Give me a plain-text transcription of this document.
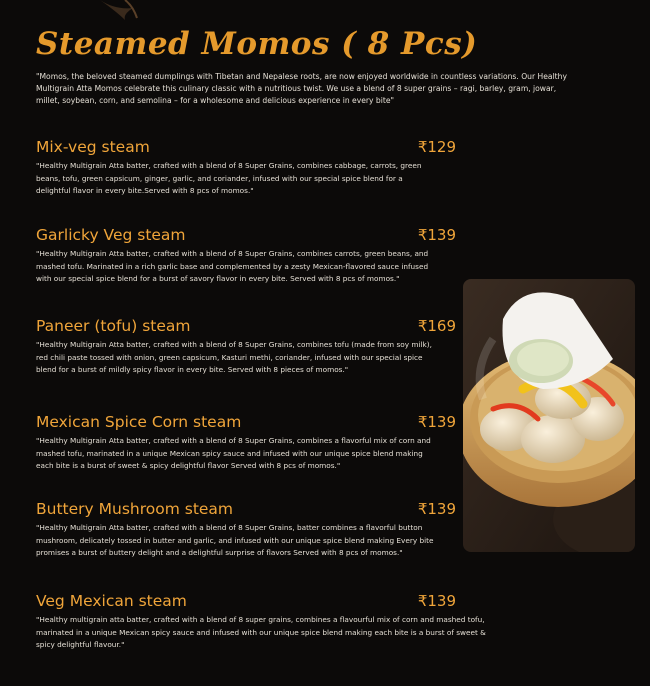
Steamed Momos ( 8 Pcs)

"Momos, the beloved steamed dumplings with Tibetan and Nepalese roots, are now enjoyed worldwide in countless variations. Our Healthy Multigrain Atta Momos celebrate this culinary classic with a nutritious twist. We use a blend of 8 super grains – ragi, barley, gram, jowar, millet, soybean, corn, and semolina – for a wholesome and delicious experience in every bite"

Mix-veg steam	₹129

"Healthy Multigrain Atta batter, crafted with a blend of 8 Super Grains, combines cabbage, carrots, green beans, tofu, green capsicum, ginger, garlic, and coriander, infused with our special spice blend for a delightful flavor in every bite.Served with 8 pcs of momos."

Garlicky Veg steam	₹139

"Healthy Multigrain Atta batter, crafted with a blend of 8 Super Grains, combines carrots, green beans, and mashed tofu. Marinated in a rich garlic base and complemented by a zesty Mexican-flavored sauce infused with our special spice blend for a burst of savory flavor in every bite. Served with 8 pcs of momos."

Paneer (tofu) steam	₹169

"Healthy Multigrain Atta batter, crafted with a blend of 8 Super Grains, combines tofu (made from soy milk), red chili paste tossed with onion, green capsicum, Kasturi methi, coriander, infused with our special spice blend for a burst of mildly spicy flavor in every bite. Served with 8 pieces of momos."

Mexican Spice Corn steam	₹139

"Healthy Multigrain Atta batter, crafted with a blend of 8 Super Grains, combines a flavorful mix of corn and mashed tofu, marinated in a unique Mexican spicy sauce and infused with our unique spice blend making each bite is a burst of sweet & spicy delightful flavor Served with 8 pcs of momos."

Buttery Mushroom steam	₹139

"Healthy Multigrain Atta batter, crafted with a blend of 8 Super Grains, batter combines a flavorful button mushroom, delicately tossed in butter and garlic, and infused with our unique spice blend making Every bite promises a burst of buttery delight and a delightful surprise of flavors Served with 8 pcs of momos."

Veg Mexican steam	₹139

"Healthy multigrain atta batter, crafted with a blend of 8 super grains, combines a flavourful mix of corn and mashed tofu, marinated in a unique Mexican spicy sauce and infused with our unique spice blend making each bite is a burst of sweet & spicy delightful flavour."
